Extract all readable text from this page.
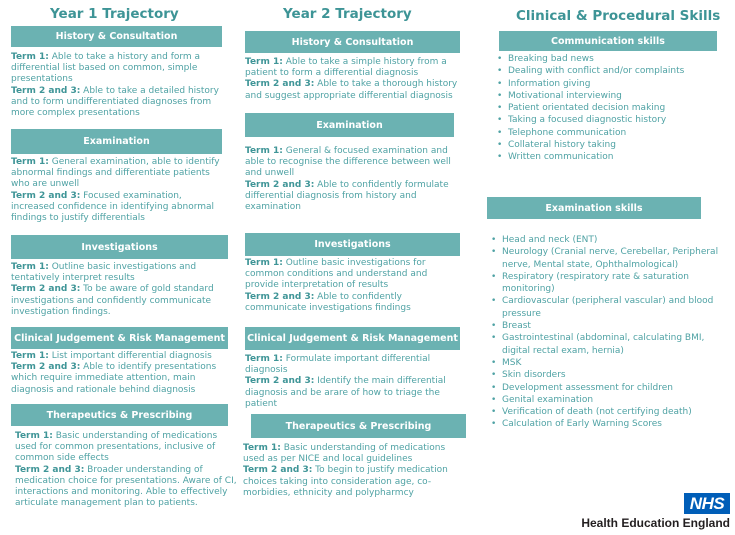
Year 1 Trajectory	Year 2 Trajectory	Clinical & Procedural Skills
History & Consultation

Term 1: Able to take a history and form a differential list based on common, simple presentations

Term 2 and 3: Able to take a detailed history and to form undifferentiated diagnoses from more complex presentations

Examination

Term 1: General examination, able to identify abnormal findings and differentiate patients who are unwell

Term 2 and 3: Focused examination, increased confidence in identifying abnormal findings to justify differentials

Investigations

Term 1: Outline basic investigations and tentatively interpret results

Term 2 and 3: To be aware of gold standard investigations and confidently communicate investigation findings.

Clinical Judgement & Risk Management

Term 1: List important differential diagnosis

Term 2 and 3: Able to identify presentations which require immediate attention, main diagnosis and rationale behind diagnosis

Therapeutics & Prescribing

Term 1: Basic understanding of medications used for common presentations, inclusive of common side effects

Term 2 and 3: Broader understanding of medication choice for presentations. Aware of CI, interactions and monitoring. Able to effectively articulate management plan to patients.

History & Consultation

Term 1: Able to take a simple history from a patient to form a differential diagnosis

Term 2 and 3: Able to take a thorough history and suggest appropriate differential diagnosis

Examination

Term 1: General & focused examination and able to recognise the difference between well and unwell

Term 2 and 3: Able to confidently formulate differential diagnosis from history and examination

Investigations

Term 1: Outline basic investigations for common conditions and understand and provide interpretation of results

Term 2 and 3: Able to confidently communicate investigations findings

Clinical Judgement & Risk Management

Term 1: Formulate important differential diagnosis

Term 2 and 3: Identify the main differential diagnosis and be arare of how to triage the patient

Therapeutics & Prescribing

Term 1: Basic understanding of medications used as per NICE and local guidelines

Term 2 and 3: To begin to justify medication choices taking into consideration age, co-morbidies, ethnicity and polypharmcy

Communication skills
• Breaking bad news
• Dealing with conflict and/or complaints
• Information giving
• Motivational interviewing
• Patient orientated decision making
• Taking a focused diagnostic history
• Telephone communication
• Collateral history taking
• Written communication
Examination skills
• Head and neck (ENT)
• Neurology (Cranial nerve, Cerebellar, Peripheral nerve, Mental state, Ophthalmological)
• Respiratory (respiratory rate & saturation monitoring)
• Cardiovascular (peripheral vascular) and blood pressure
• Breast
• Gastrointestinal (abdominal, calculating BMI, digital rectal exam, hernia)
• MSK
• Skin disorders
• Development assessment for children
• Genital examination
• Verification of death (not certifying death)
• Calculation of Early Warning Scores
NHS
Health Education England
